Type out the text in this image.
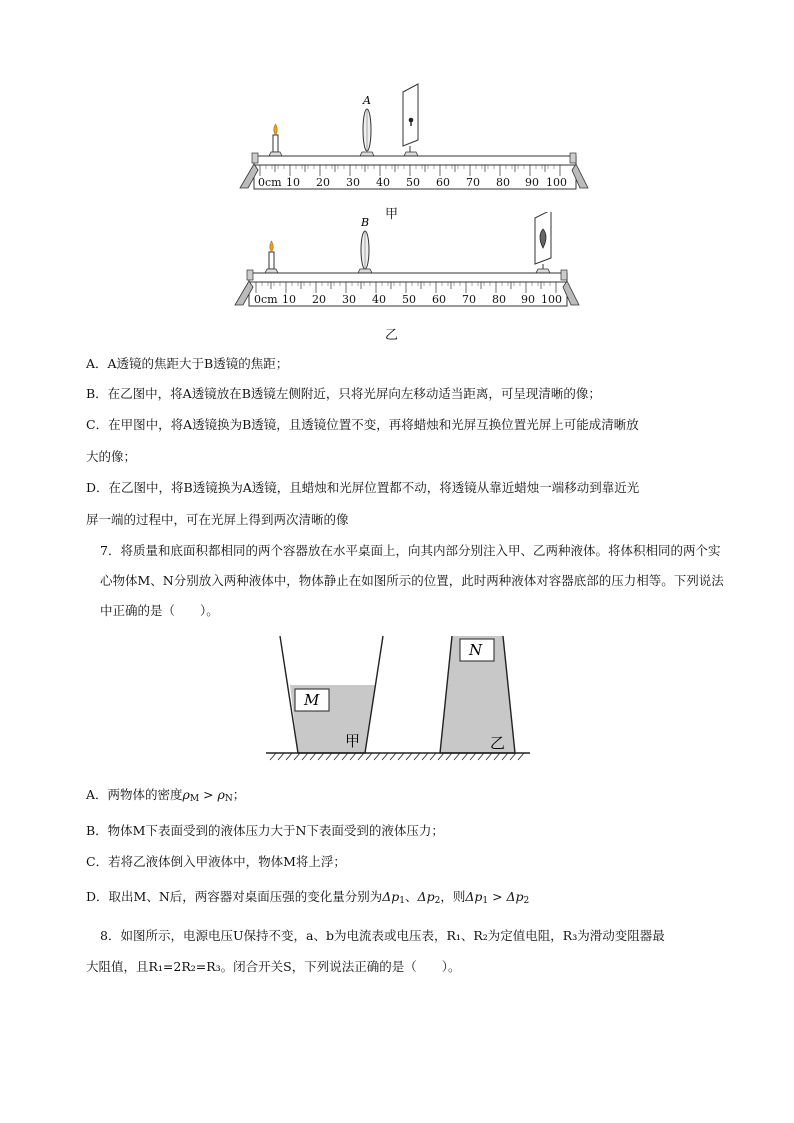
A
0cm 10 20 30 40 50 60 70 80 90 100
甲
B
0cm 10 20 30 40 50 60 70 80 90 100
乙
A．A透镜的焦距大于B透镜的焦距；
B．在乙图中，将A透镜放在B透镜左侧附近，只将光屏向左移动适当距离，可呈现清晰的像；
C．在甲图中，将A透镜换为B透镜，且透镜位置不变，再将蜡烛和光屏互换位置光屏上可能成清晰放
大的像；
D．在乙图中，将B透镜换为A透镜，且蜡烛和光屏位置都不动，将透镜从靠近蜡烛一端移动到靠近光
屏一端的过程中，可在光屏上得到两次清晰的像
7．将质量和底面积都相同的两个容器放在水平桌面上，向其内部分别注入甲、乙两种液体。将体积相同的两个实心物体M、N分别放入两种液体中，物体静止在如图所示的位置，此时两种液体对容器底部的压力相等。下列说法中正确的是（　　）。
M
甲
N
乙
A．两物体的密度$\rho_M > \rho_N$；
B．物体M下表面受到的液体压力大于N下表面受到的液体压力；
C．若将乙液体倒入甲液体中，物体M将上浮；
D．取出M、N后，两容器对桌面压强的变化量分别为$\Delta p_1$、$\Delta p_2$，则$\Delta p_1 > \Delta p_2$
8．如图所示，电源电压U保持不变，a、b为电流表或电压表，R₁、R₂为定值电阻，R₃为滑动变阻器最
大阻值，且R₁=2R₂=R₃。闭合开关S，下列说法正确的是（　　）。
